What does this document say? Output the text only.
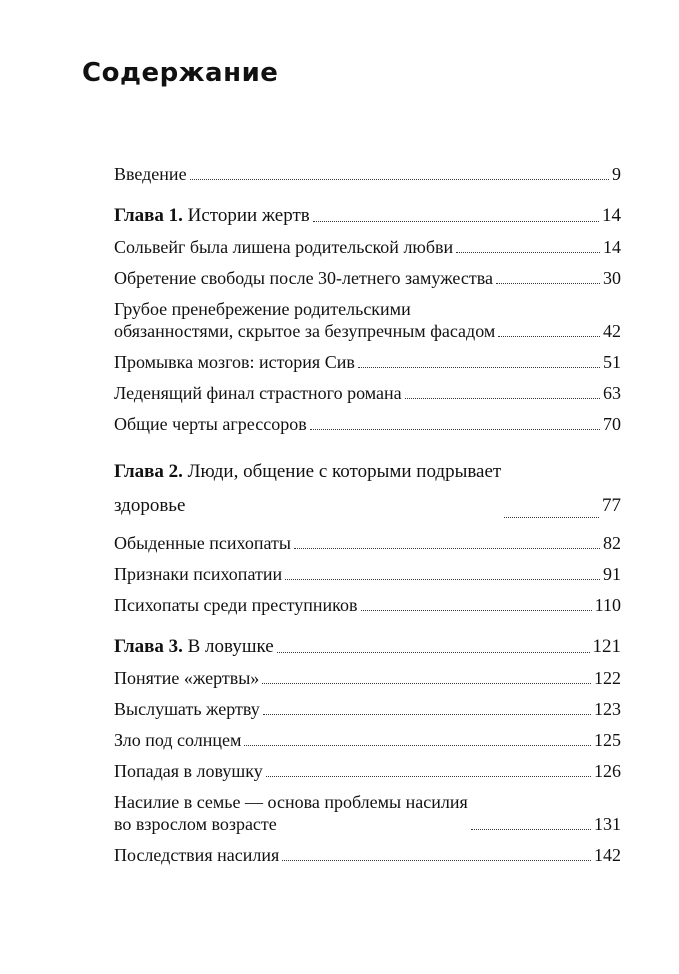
Содержание
Введение	9
Глава 1. Истории жертв	14
Сольвейг была лишена родительской любви	14
Обретение свободы после 30-летнего замужества	30
Грубое пренебрежение родительскими
обязанностями, скрытое за безупречным фасадом	42
Промывка мозгов: история Сив	51
Леденящий финал страстного романа	63
Общие черты агрессоров	70
Глава 2. Люди, общение с которыми подрывает
здоровье	77
Обыденные психопаты	82
Признаки психопатии	91
Психопаты среди преступников	110
Глава 3. В ловушке	121
Понятие «жертвы»	122
Выслушать жертву	123
Зло под солнцем	125
Попадая в ловушку	126
Насилие в семье — основа проблемы насилия
во взрослом возрасте	131
Последствия насилия	142
